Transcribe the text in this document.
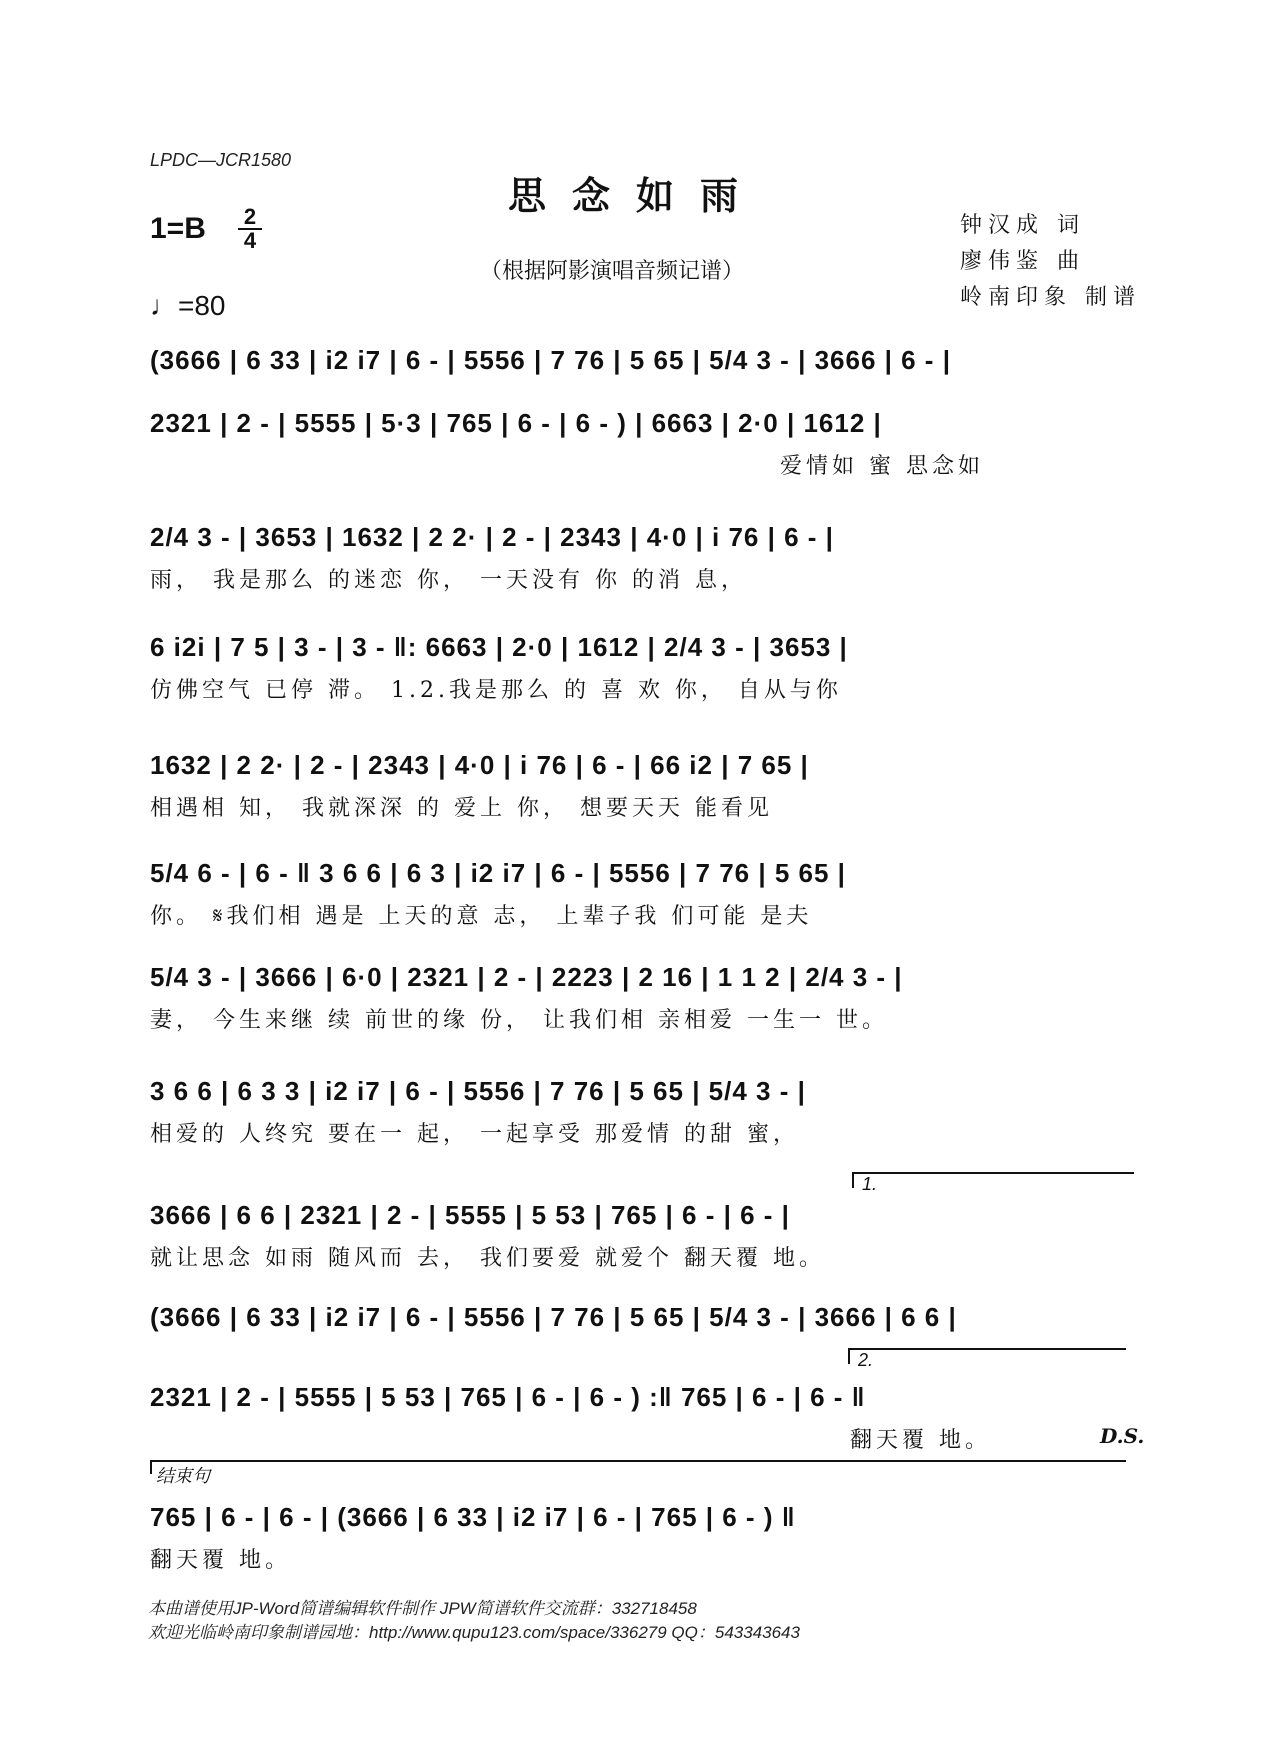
LPDC—JCR1580
思念如雨
$1=B \frac{2}{4}$
（根据阿影演唱音频记谱）
♩=80
钟汉成 词
廖伟鉴 曲
岭南印象 制谱
(3666 | 6 33 | i2 i7 | 6 - | 5556 | 7 76 | 5 65 | 5/4 3 - | 3666 | 6 - |
2321 | 2 - | 5555 | 5·3 | 765 | 6 - | 6 - ) | 6663 | 2·0 | 1612 |
爱情如 蜜 思念如
2/4 3 - | 3653 | 1632 | 2 2· | 2 - | 2343 | 4·0 | i 76 | 6 - |
雨， 我是那么 的迷恋 你， 一天没有 你 的消 息，
6 i2i | 7 5 | 3 - | 3 - ‖: 6663 | 2·0 | 1612 | 2/4 3 - | 3653 |
仿佛空气 已停 滞。 1.2.我是那么 的 喜 欢 你， 自从与你
1632 | 2 2· | 2 - | 2343 | 4·0 | i 76 | 6 - | 66 i2 | 7 65 |
相遇相 知， 我就深深 的 爱上 你， 想要天天 能看见
5/4 6 - | 6 - ‖ 3 6 6 | 6 3 | i2 i7 | 6 - | 5556 | 7 76 | 5 65 |
你。 𝄋我们相 遇是 上天的意 志， 上辈子我 们可能 是夫
5/4 3 - | 3666 | 6·0 | 2321 | 2 - | 2223 | 2 16 | 1 1 2 | 2/4 3 - |
妻， 今生来继 续 前世的缘 份， 让我们相 亲相爱 一生一 世。
3 6 6 | 6 3 3 | i2 i7 | 6 - | 5556 | 7 76 | 5 65 | 5/4 3 - |
相爱的 人终究 要在一 起， 一起享受 那爱情 的甜 蜜，
1.
3666 | 6 6 | 2321 | 2 - | 5555 | 5 53 | 765 | 6 - | 6 - |
就让思念 如雨 随风而 去， 我们要爱 就爱个 翻天覆 地。
(3666 | 6 33 | i2 i7 | 6 - | 5556 | 7 76 | 5 65 | 5/4 3 - | 3666 | 6 6 |
2.
2321 | 2 - | 5555 | 5 53 | 765 | 6 - | 6 - ) :‖ 765 | 6 - | 6 - ‖
翻天覆 地。	D.S.
结束句
765 | 6 - | 6 - | (3666 | 6 33 | i2 i7 | 6 - | 765 | 6 - ) ‖
翻天覆 地。
本曲谱使用JP-Word简谱编辑软件制作 JPW简谱软件交流群：332718458
欢迎光临岭南印象制谱园地：http://www.qupu123.com/space/336279 QQ：543343643
